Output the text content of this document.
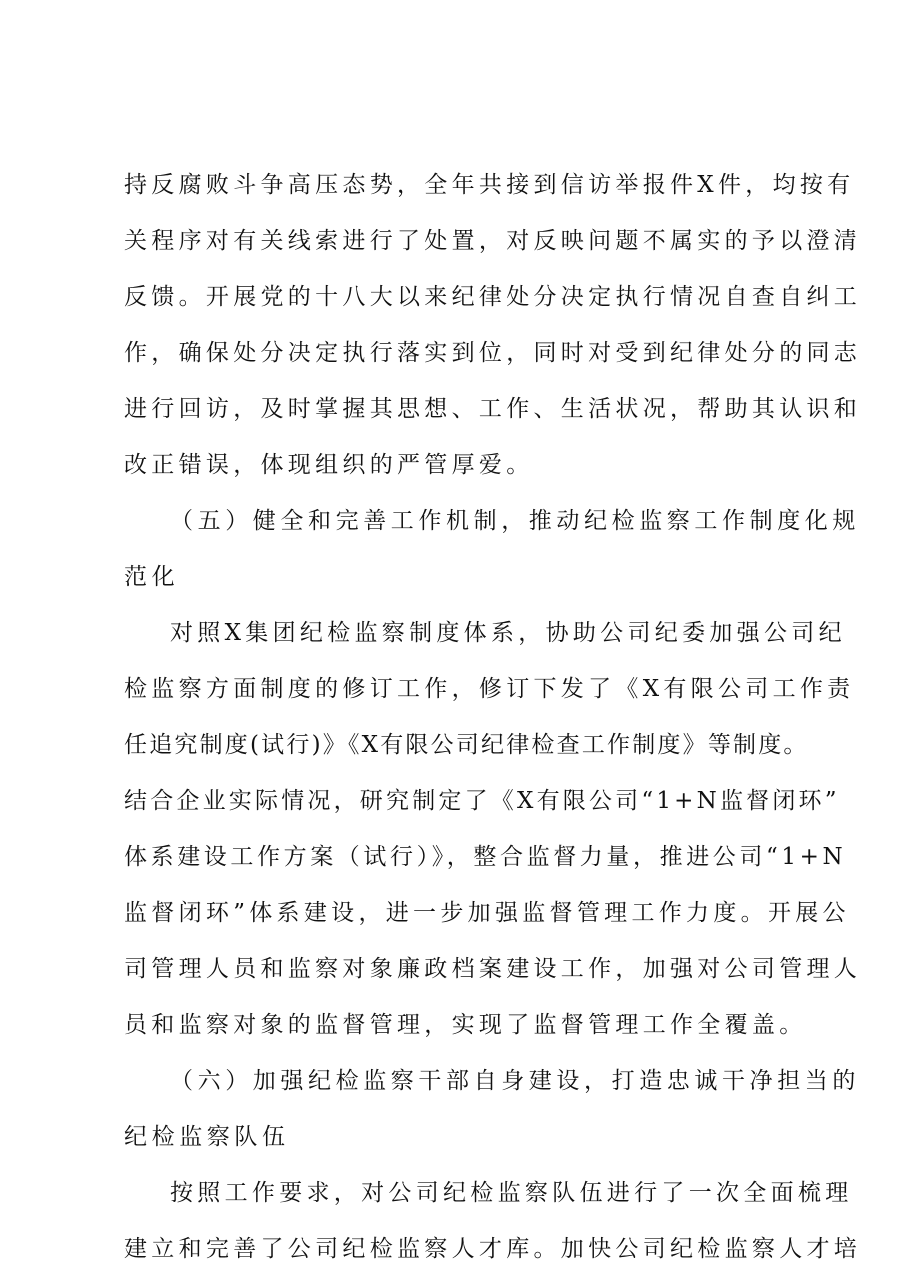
持反腐败斗争高压态势，全年共接到信访举报件X件，均按有
关程序对有关线索进行了处置，对反映问题不属实的予以澄清
反馈。开展党的十八大以来纪律处分决定执行情况自查自纠工
作，确保处分决定执行落实到位，同时对受到纪律处分的同志
进行回访，及时掌握其思想、工作、生活状况，帮助其认识和
改正错误，体现组织的严管厚爱。
（五）健全和完善工作机制，推动纪检监察工作制度化规
范化
对照X集团纪检监察制度体系，协助公司纪委加强公司纪
检监察方面制度的修订工作，修订下发了《X有限公司工作责
任追究制度(试行)》《X有限公司纪律检查工作制度》等制度。
结合企业实际情况，研究制定了《X有限公司“1+N监督闭环”
体系建设工作方案（试行）》，整合监督力量，推进公司“1+N
监督闭环”体系建设，进一步加强监督管理工作力度。开展公
司管理人员和监察对象廉政档案建设工作，加强对公司管理人
员和监察对象的监督管理，实现了监督管理工作全覆盖。
（六）加强纪检监察干部自身建设，打造忠诚干净担当的
纪检监察队伍
按照工作要求，对公司纪检监察队伍进行了一次全面梳理
建立和完善了公司纪检监察人才库。加快公司纪检监察人才培
